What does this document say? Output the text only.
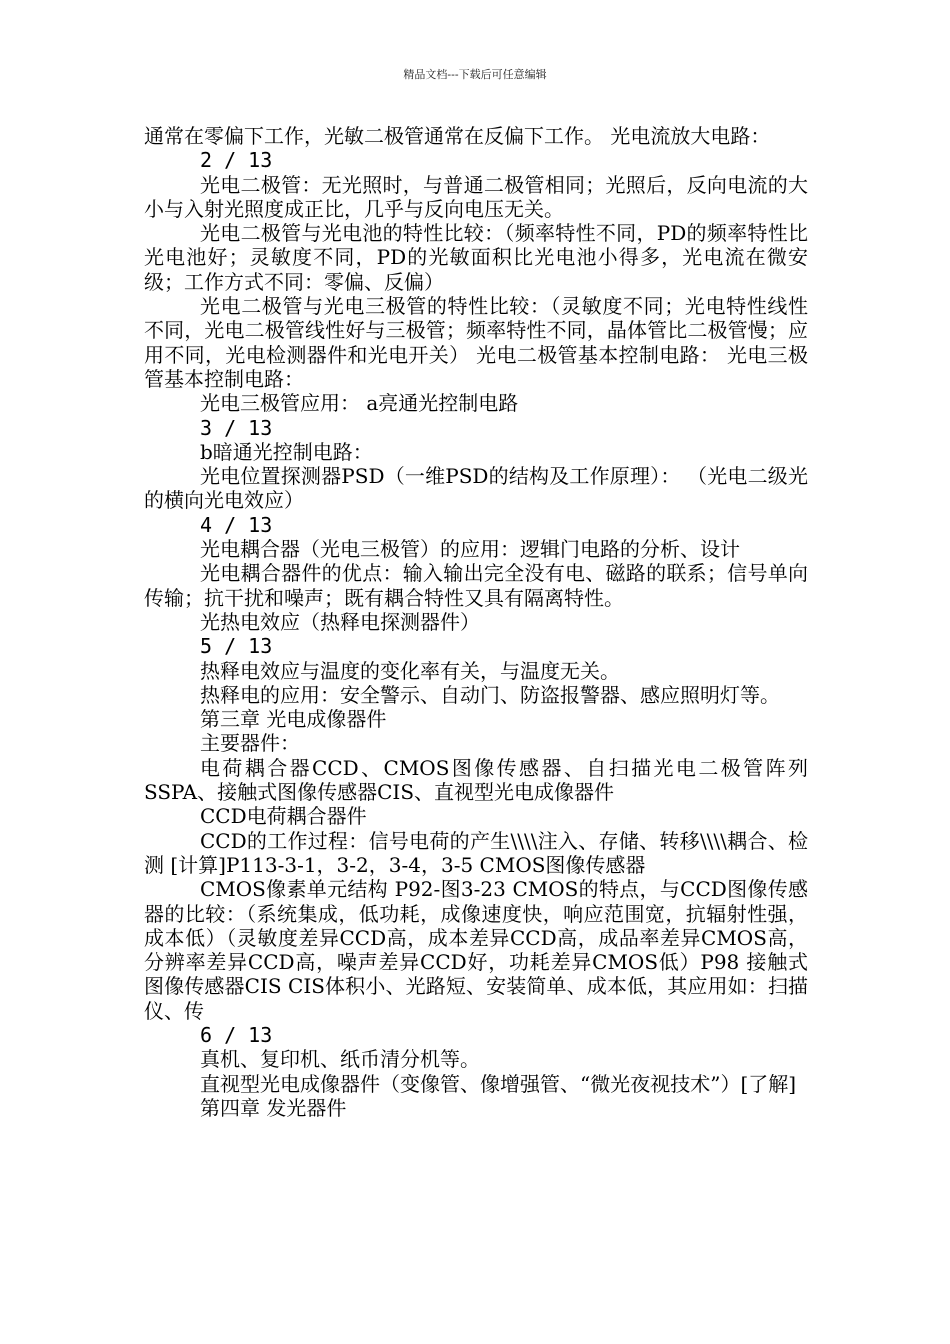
精品文档---下载后可任意编辑

通常在零偏下工作，光敏二极管通常在反偏下工作。 光电流放大电路：

2 / 13

光电二极管：无光照时，与普通二极管相同；光照后，反向电流的大小与入射光照度成正比，几乎与反向电压无关。

光电二极管与光电池的特性比较：（频率特性不同，PD的频率特性比光电池好；灵敏度不同，PD的光敏面积比光电池小得多，光电流在微安级；工作方式不同：零偏、反偏）

光电二极管与光电三极管的特性比较：（灵敏度不同；光电特性线性不同，光电二极管线性好与三极管；频率特性不同，晶体管比二极管慢；应用不同，光电检测器件和光电开关） 光电二极管基本控制电路： 光电三极管基本控制电路：

光电三极管应用： a亮通光控制电路

3 / 13

b暗通光控制电路：

光电位置探测器PSD（一维PSD的结构及工作原理）： （光电二级光的横向光电效应）

4 / 13

光电耦合器（光电三极管）的应用：逻辑门电路的分析、设计

光电耦合器件的优点：输入输出完全没有电、磁路的联系；信号单向传输；抗干扰和噪声；既有耦合特性又具有隔离特性。

光热电效应（热释电探测器件）

5 / 13

热释电效应与温度的变化率有关，与温度无关。

热释电的应用：安全警示、自动门、防盗报警器、感应照明灯等。

第三章 光电成像器件

主要器件：

电荷耦合器CCD、CMOS图像传感器、自扫描光电二极管阵列SSPA、接触式图像传感器CIS、直视型光电成像器件

CCD电荷耦合器件

CCD的工作过程：信号电荷的产生\\\\注入、存储、转移\\\\耦合、检测 [计算]P113-3-1，3-2，3-4，3-5 CMOS图像传感器

CMOS像素单元结构 P92-图3-23 CMOS的特点，与CCD图像传感器的比较：（系统集成，低功耗，成像速度快，响应范围宽，抗辐射性强，成本低）（灵敏度差异CCD高，成本差异CCD高，成品率差异CMOS高，分辨率差异CCD高，噪声差异CCD好，功耗差异CMOS低）P98 接触式图像传感器CIS CIS体积小、光路短、安装简单、成本低，其应用如：扫描仪、传

6 / 13

真机、复印机、纸币清分机等。

直视型光电成像器件（变像管、像增强管、“微光夜视技术”）[了解]

第四章 发光器件
